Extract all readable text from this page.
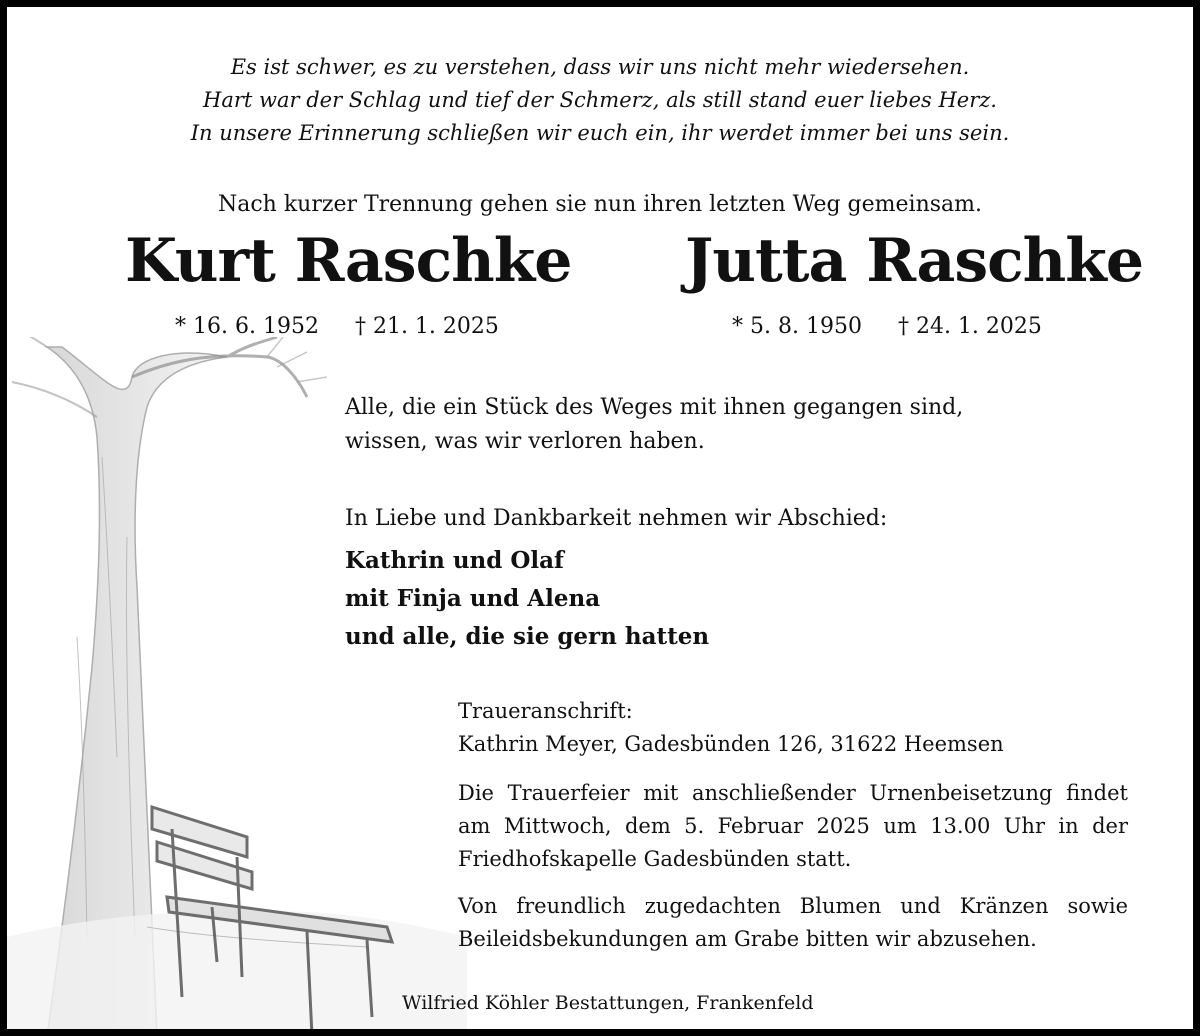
Es ist schwer, es zu verstehen, dass wir uns nicht mehr wiedersehen.
Hart war der Schlag und tief der Schmerz, als still stand euer liebes Herz.
In unsere Erinnerung schließen wir euch ein, ihr werdet immer bei uns sein.
Nach kurzer Trennung gehen sie nun ihren letzten Weg gemeinsam.
Kurt Raschke Jutta Raschke
* 16. 6. 1952 † 21. 1. 2025	* 5. 8. 1950 † 24. 1. 2025
Alle, die ein Stück des Weges mit ihnen gegangen sind,
wissen, was wir verloren haben.
In Liebe und Dankbarkeit nehmen wir Abschied:
Kathrin und Olaf
mit Finja und Alena
und alle, die sie gern hatten
Traueranschrift:
Kathrin Meyer, Gadesbünden 126, 31622 Heemsen
Die Trauerfeier mit anschließender Urnenbeisetzung findet am Mittwoch, dem 5. Februar 2025 um 13.00 Uhr in der Friedhofskapelle Gadesbünden statt.
Von freundlich zugedachten Blumen und Kränzen sowie Beileidsbekundungen am Grabe bitten wir abzusehen.
Wilfried Köhler Bestattungen, Frankenfeld
